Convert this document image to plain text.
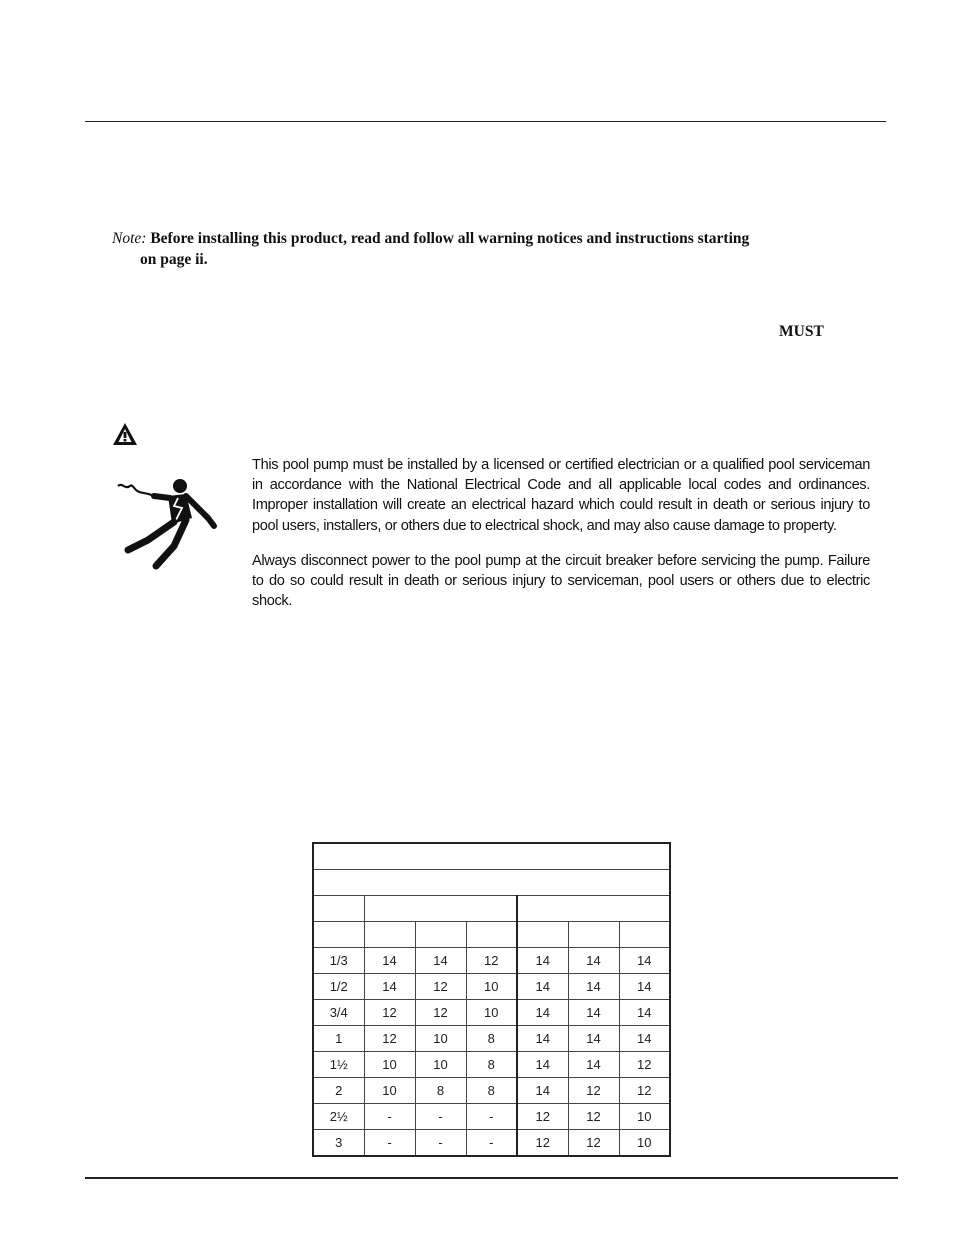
Note: Before installing this product, read and follow all warning notices and instructions starting
on page ii.
MUST

This pool pump must be installed by a licensed or certified electrician or a qualified pool serviceman in accordance with the National Electrical Code and all applicable local codes and ordinances. Improper installation will create an electrical hazard which could result in death or serious injury to pool users, installers, or others due to electrical shock, and may also cause damage to property.

Always disconnect power to the pool pump at the circuit breaker before servicing the pump. Failure to do so could result in death or serious injury to serviceman, pool users or others due to electric shock.

1/3	14	14	12	14	14	14
1/2	14	12	10	14	14	14
3/4	12	12	10	14	14	14
1	12	10	8	14	14	14
1½	10	10	8	14	14	12
2	10	8	8	14	12	12
2½	-	-	-	12	12	10
3	-	-	-	12	12	10
